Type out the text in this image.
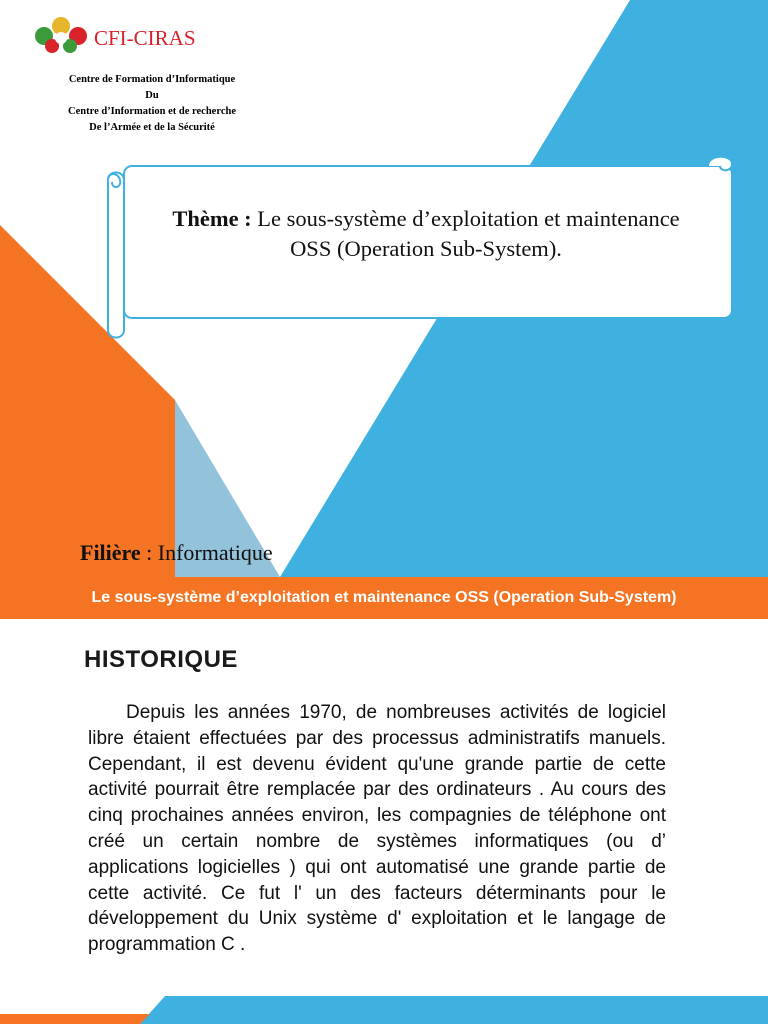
CFI-CIRAS
Centre de Formation d’Informatique
Du
Centre d’Information et de recherche
De l’Armée et de la Sécurité
Thème : Le sous-système d’exploitation et maintenance
OSS (Operation Sub-System).
Filière : Informatique
Le sous-système d’exploitation et maintenance OSS (Operation Sub-System)
HISTORIQUE
Depuis les années 1970, de nombreuses activités de logiciel libre étaient effectuées par des processus administratifs manuels. Cependant, il est devenu évident qu'une grande partie de cette activité pourrait être remplacée par des ordinateurs . Au cours des cinq prochaines années environ, les compagnies de téléphone ont créé un certain nombre de systèmes informatiques (ou d’ applications logicielles ) qui ont automatisé une grande partie de cette activité. Ce fut l' un des facteurs déterminants pour le développement du Unix système d' exploitation et le langage de programmation C .
